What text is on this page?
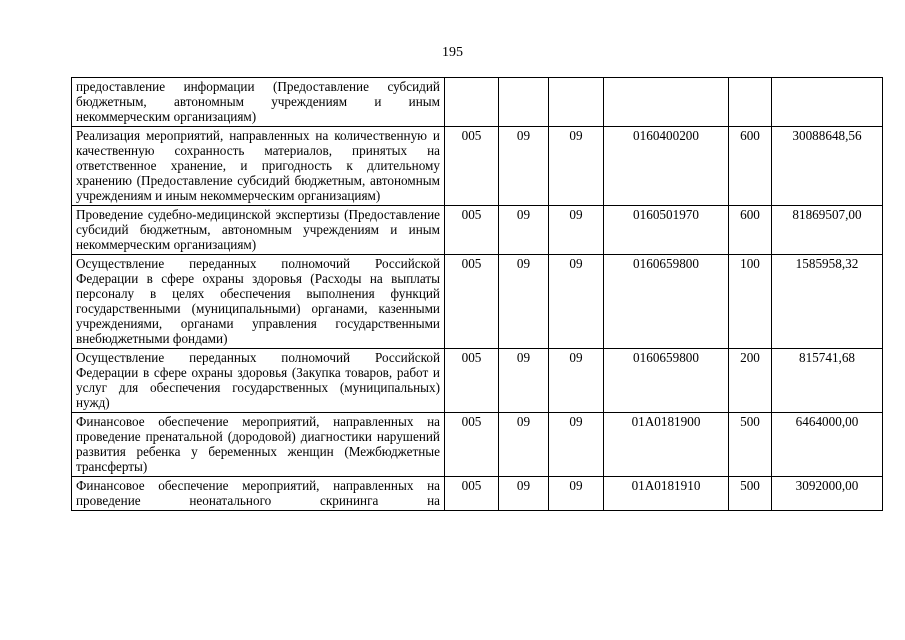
195
предоставление информации (Предоставление субсидий бюджетным, автономным учреждениям и иным некоммерческим организациям)						
Реализация мероприятий, направленных на количественную и качественную сохранность материалов, принятых на ответственное хранение, и пригодность к длительному хранению (Предоставление субсидий бюджетным, автономным учреждениям и иным некоммерческим организациям)	005	09	09	0160400200	600	30088648,56
Проведение судебно-медицинской экспертизы (Предоставление субсидий бюджетным, автономным учреждениям и иным некоммерческим организациям)	005	09	09	0160501970	600	81869507,00
Осуществление переданных полномочий Российской Федерации в сфере охраны здоровья (Расходы на выплаты персоналу в целях обеспечения выполнения функций государственными (муниципальными) органами, казенными учреждениями, органами управления государственными внебюджетными фондами)	005	09	09	0160659800	100	1585958,32
Осуществление переданных полномочий Российской Федерации в сфере охраны здоровья (Закупка товаров, работ и услуг для обеспечения государственных (муниципальных) нужд)	005	09	09	0160659800	200	815741,68
Финансовое обеспечение мероприятий, направленных на проведение пренатальной (дородовой) диагностики нарушений развития ребенка у беременных женщин (Межбюджетные трансферты)	005	09	09	01А0181900	500	6464000,00
Финансовое обеспечение мероприятий, направленных на проведение неонатального скрининга на	005	09	09	01А0181910	500	3092000,00
